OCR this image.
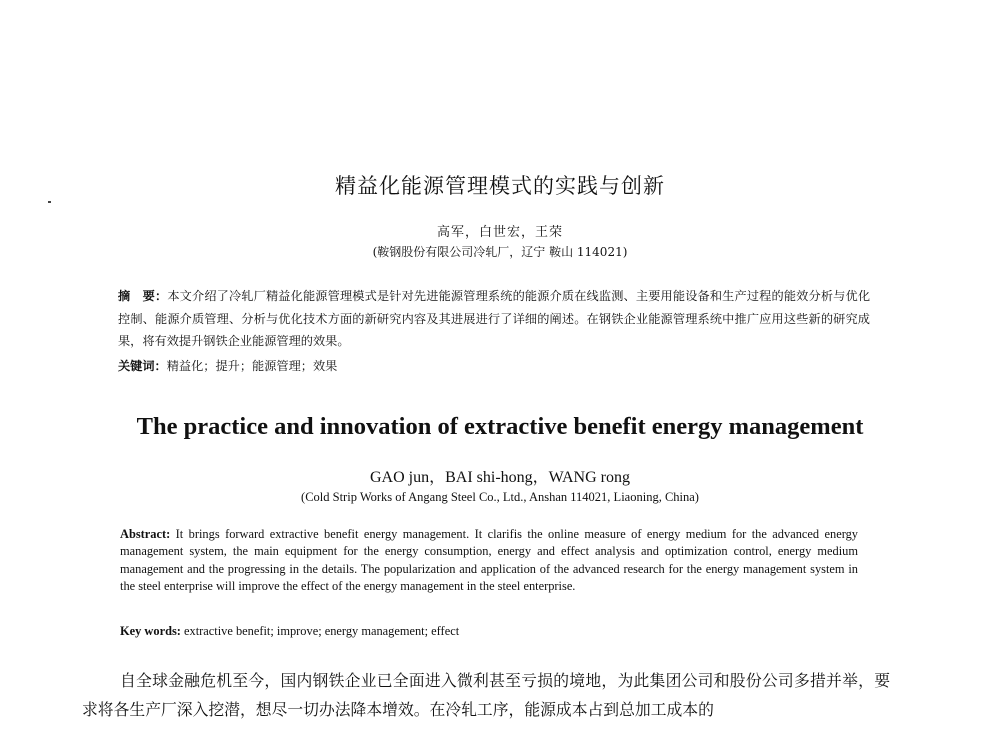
精益化能源管理模式的实践与创新
高军，白世宏，王荣
(鞍钢股份有限公司冷轧厂，辽宁 鞍山 114021)
摘　要：本文介绍了冷轧厂精益化能源管理模式是针对先进能源管理系统的能源介质在线监测、主要用能设备和生产过程的能效分析与优化控制、能源介质管理、分析与优化技术方面的新研究内容及其进展进行了详细的阐述。在钢铁企业能源管理系统中推广应用这些新的研究成果，将有效提升钢铁企业能源管理的效果。
关键词：精益化；提升；能源管理；效果
The practice and innovation of extractive benefit energy management
GAO jun，BAI shi-hong，WANG rong
(Cold Strip Works of Angang Steel Co., Ltd., Anshan 114021, Liaoning, China)
Abstract: It brings forward extractive benefit energy management. It clarifis the online measure of energy medium for the advanced energy management system, the main equipment for the energy consumption, energy and effect analysis and optimization control, energy medium management and the progressing in the details. The popularization and application of the advanced research for the energy management system in the steel enterprise will improve the effect of the energy management in the steel enterprise.
Key words: extractive benefit; improve; energy management; effect
自全球金融危机至今，国内钢铁企业已全面进入微利甚至亏损的境地，为此集团公司和股份公司多措并举，要求将各生产厂深入挖潜，想尽一切办法降本增效。在冷轧工序，能源成本占到总加工成本的
